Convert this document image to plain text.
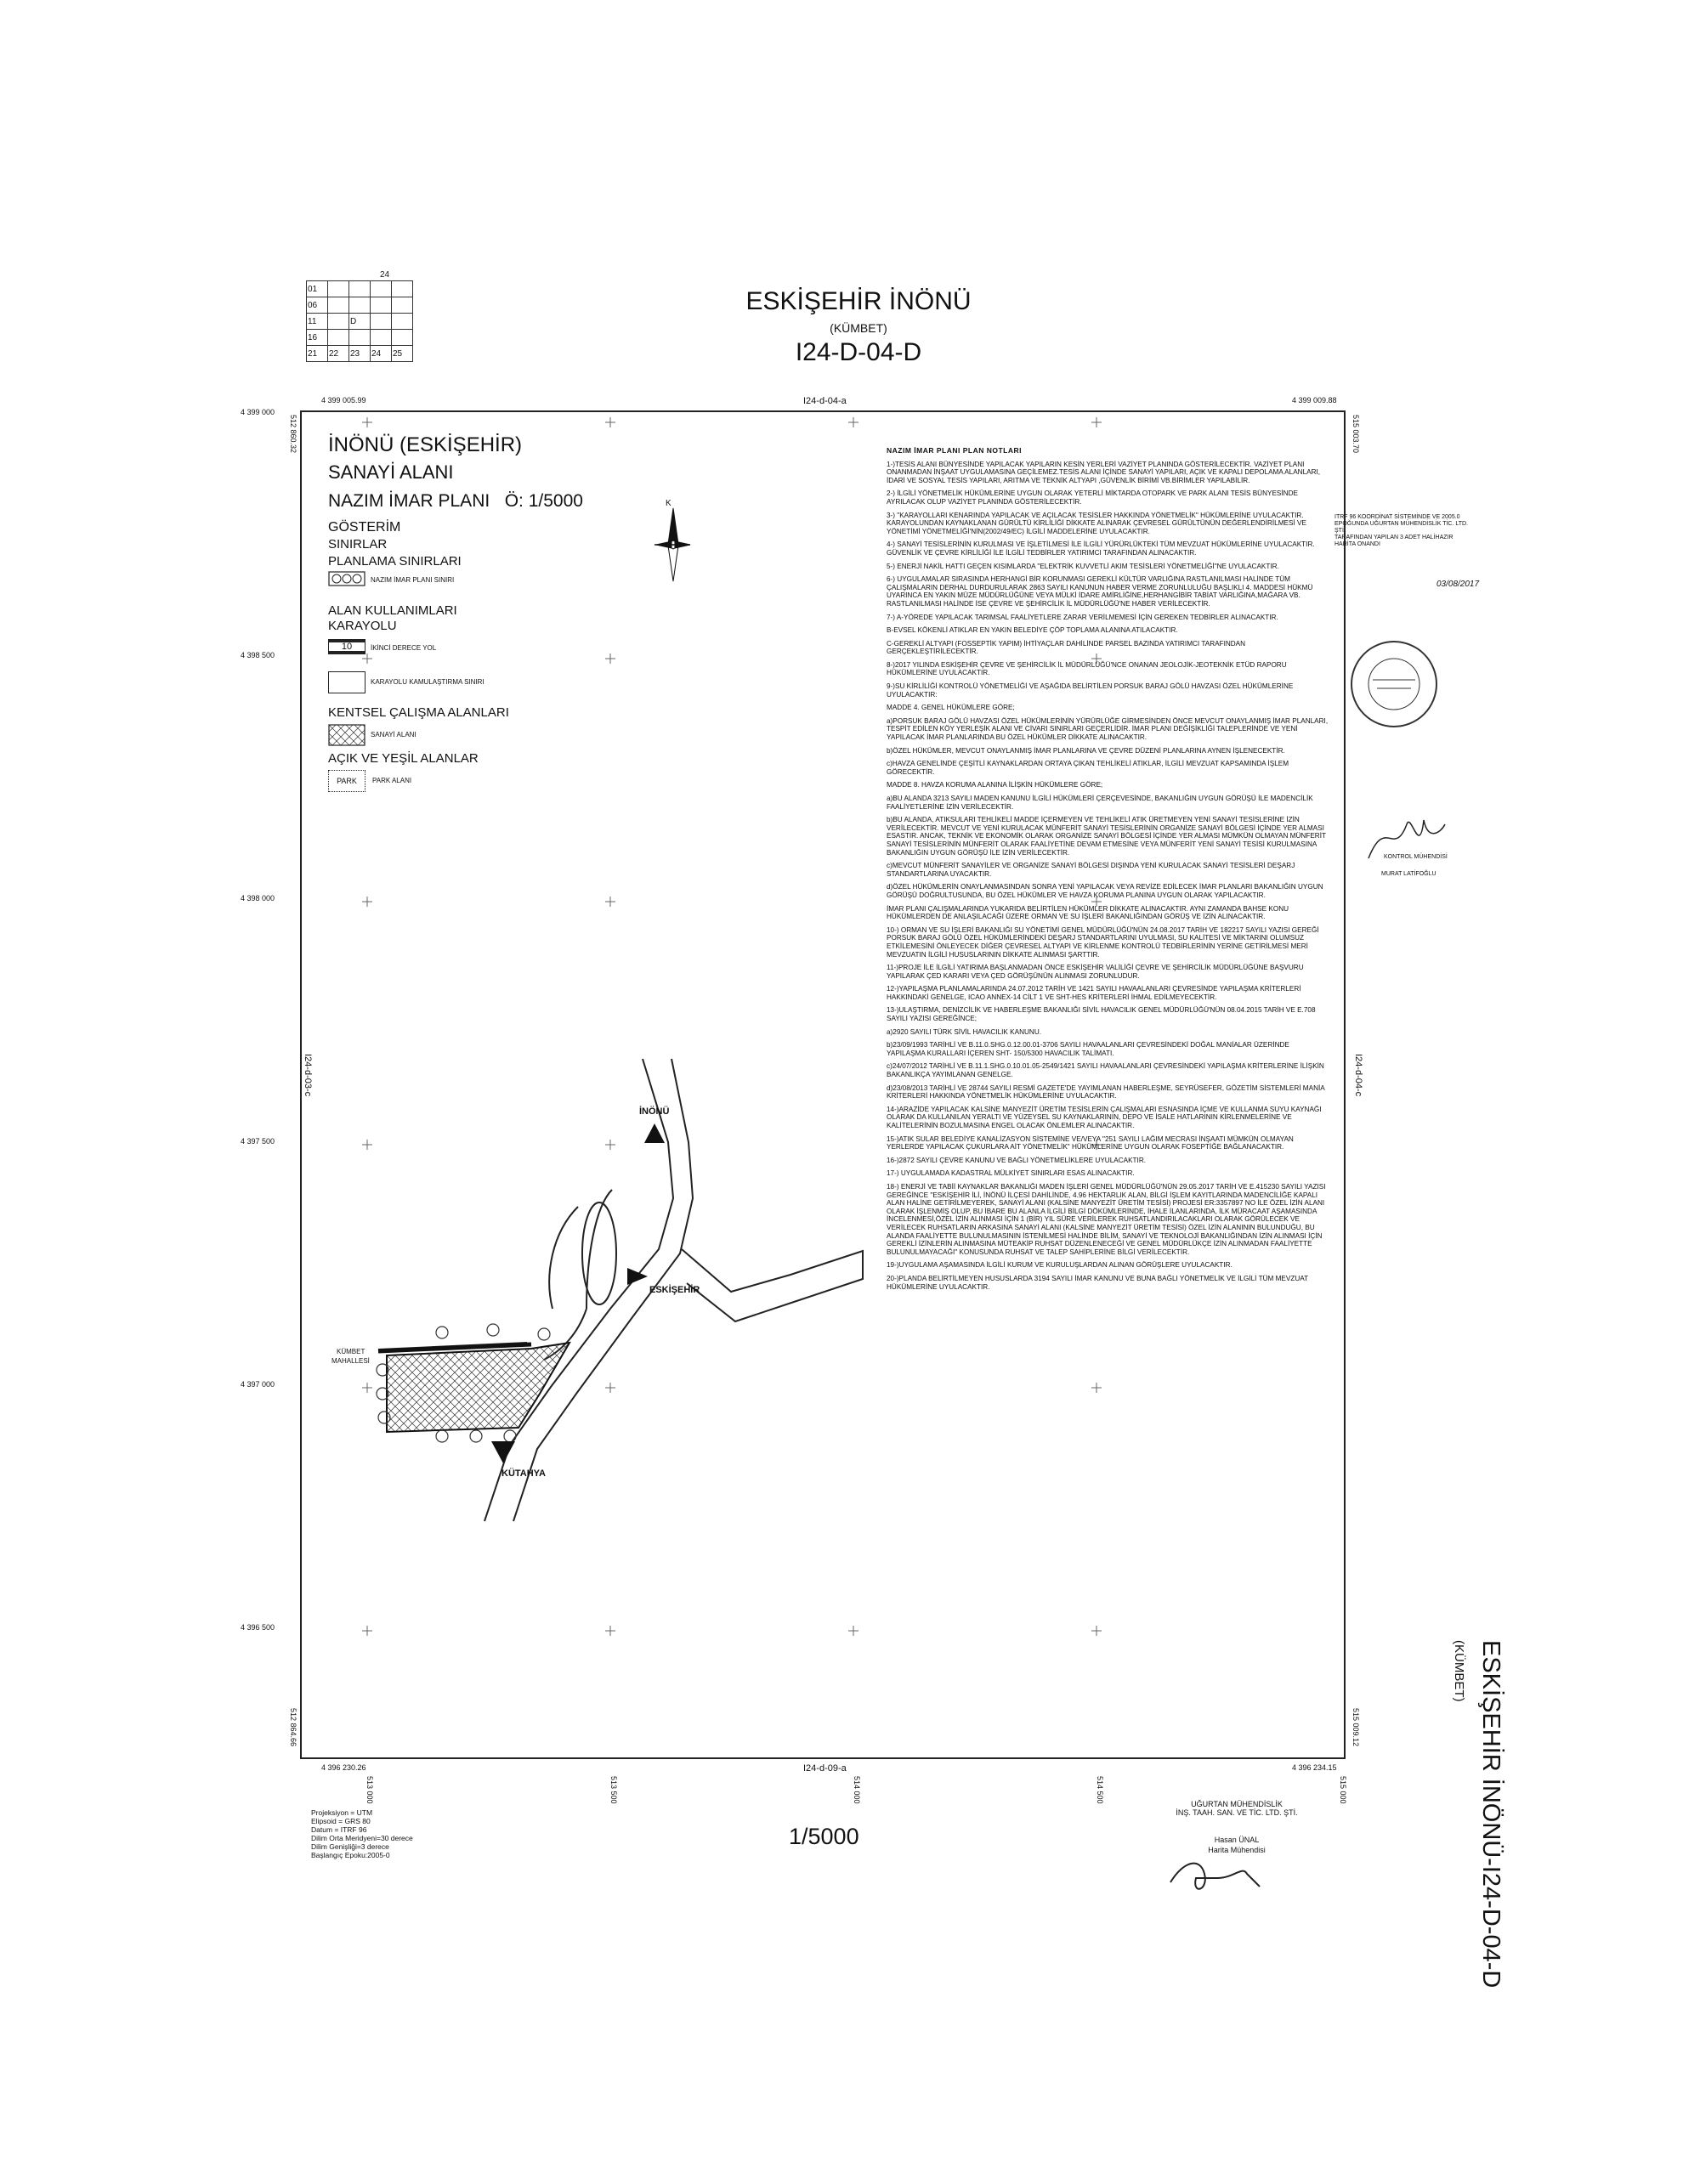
01				
06				
11		D		
16				
21	22	23	24	25
24
ESKİŞEHİR İNÖNÜ
(KÜMBET)
I24-D-04-D
4 399 005.99	I24-d-04-a	4 399 009.88
4 396 230.26	I24-d-09-a	4 396 234.15
I24-d-03-c	I24-d-04-c
512 860.32	515 003.70
512 864.66	515 009.12
4 399 000
4 398 500
4 398 000
4 397 500
4 397 000
4 396 500
513 000	513 500	514 000	514 500	515 000
İNÖNÜ
ESKİŞEHİR
KÜTAHYA
KÜMBET
MAHALLESİ
K
İNÖNÜ (ESKİŞEHİR)
SANAYİ ALANI
NAZIM İMAR PLANI   Ö: 1/5000
GÖSTERİM
SINIRLAR
PLANLAMA SINIRLARI
NAZIM İMAR PLANI SINIRI
ALAN KULLANIMLARI
KARAYOLU
10	İKİNCİ DERECE YOL
KARAYOLU KAMULAŞTIRMA SINIRI
KENTSEL ÇALIŞMA ALANLARI
SANAYİ ALANI
AÇIK VE YEŞİL ALANLAR
PARK	PARK ALANI
NAZIM İMAR PLANI PLAN NOTLARI

1-)TESİS ALANI BÜNYESİNDE YAPILACAK YAPILARIN KESİN YERLERİ VAZİYET PLANINDA GÖSTERİLECEKTİR. VAZİYET PLANI ONANMADAN İNŞAAT UYGULAMASINA GEÇİLEMEZ.TESİS ALANI İÇİNDE SANAYİ YAPILARI, AÇIK VE KAPALI DEPOLAMA ALANLARI, İDARİ VE SOSYAL TESİS YAPILARI, ARITMA VE TEKNİK ALTYAPI ,GÜVENLİK BİRİMİ VB.BİRİMLER YAPILABİLİR.

2-) İLGİLİ YÖNETMELİK HÜKÜMLERİNE UYGUN OLARAK YETERLİ MİKTARDA OTOPARK VE PARK ALANI TESİS BÜNYESİNDE AYRILACAK OLUP VAZİYET PLANINDA GÖSTERİLECEKTİR.

3-) "KARAYOLLARI KENARINDA YAPILACAK VE AÇILACAK TESİSLER HAKKINDA YÖNETMELİK" HÜKÜMLERİNE UYULACAKTIR. KARAYOLUNDAN KAYNAKLANAN GÜRÜLTÜ KİRLİLİĞİ DİKKATE ALINARAK ÇEVRESEL GÜRÜLTÜNÜN DEĞERLENDİRİLMESİ VE YÖNETİMİ YÖNETMELİĞİ'NİN(2002/49/EC) İLGİLİ MADDELERİNE UYULACAKTIR.

4-) SANAYİ TESİSLERİNİN KURULMASI VE İŞLETİLMESİ İLE İLGİLİ YÜRÜRLÜKTEKİ TÜM MEVZUAT HÜKÜMLERİNE UYULACAKTIR. GÜVENLİK VE ÇEVRE KİRLİLİĞİ İLE İLGİLİ TEDBİRLER YATIRIMCI TARAFINDAN ALINACAKTIR.

5-) ENERJİ NAKİL HATTI GEÇEN KISIMLARDA "ELEKTRİK KUVVETLİ AKIM TESİSLERİ YÖNETMELİĞİ"NE UYULACAKTIR.

6-) UYGULAMALAR SIRASINDA HERHANGİ BİR KORUNMASI GEREKLİ KÜLTÜR VARLIĞINA RASTLANILMASI HALİNDE TÜM ÇALIŞMALARIN DERHAL DURDURULARAK 2863 SAYILI KANUNUN HABER VERME ZORUNLULUĞU BAŞLIKLI 4. MADDESİ HÜKMÜ UYARINCA EN YAKIN MÜZE MÜDÜRLÜĞÜNE VEYA MÜLKİ İDARE AMİRLİĞİNE,HERHANGİBİR TABİAT VARLIĞINA,MAĞARA VB. RASTLANILMASI HALİNDE İSE ÇEVRE VE ŞEHİRCİLİK İL MÜDÜRLÜĞÜ'NE HABER VERİLECEKTİR.

7-) A-YÖREDE YAPILACAK TARIMSAL FAALİYETLERE ZARAR VERİLMEMESİ İÇİN GEREKEN TEDBİRLER ALINACAKTIR.

B-EVSEL KÖKENLİ ATIKLAR EN YAKIN BELEDİYE ÇÖP TOPLAMA ALANINA ATILACAKTIR.

C-GEREKLİ ALTYAPI (FOSSEPTİK YAPIM) İHTİYAÇLAR DAHİLİNDE PARSEL BAZINDA YATIRIMCI TARAFINDAN GERÇEKLEŞTİRİLECEKTİR.

8-)2017 YILINDA ESKİŞEHİR ÇEVRE VE ŞEHİRCİLİK İL MÜDÜRLÜĞÜ'NCE ONANAN JEOLOJİK-JEOTEKNİK ETÜD RAPORU HÜKÜMLERİNE UYULACAKTIR.

9-)SU KİRLİLİĞİ KONTROLÜ YÖNETMELİĞİ VE AŞAĞIDA BELİRTİLEN PORSUK BARAJ GÖLÜ HAVZASI ÖZEL HÜKÜMLERİNE UYULACAKTIR:

MADDE 4. GENEL HÜKÜMLERE GÖRE;

a)PORSUK BARAJ GÖLÜ HAVZASI ÖZEL HÜKÜMLERİNİN YÜRÜRLÜĞE GİRMESİNDEN ÖNCE MEVCUT ONAYLANMIŞ İMAR PLANLARI, TESPİT EDİLEN KÖY YERLEŞİK ALANI VE CİVARI SINIRLARI GEÇERLİDİR. İMAR PLANI DEĞİŞİKLİĞİ TALEPLERİNDE VE YENİ YAPILACAK İMAR PLANLARINDA BU ÖZEL HÜKÜMLER DİKKATE ALINACAKTIR.

b)ÖZEL HÜKÜMLER, MEVCUT ONAYLANMIŞ İMAR PLANLARINA VE ÇEVRE DÜZENİ PLANLARINA AYNEN İŞLENECEKTİR.

c)HAVZA GENELİNDE ÇEŞİTLİ KAYNAKLARDAN ORTAYA ÇIKAN TEHLİKELİ ATIKLAR, İLGİLİ MEVZUAT KAPSAMINDA İŞLEM GÖRECEKTİR.

MADDE 8. HAVZA KORUMA ALANINA İLİŞKİN HÜKÜMLERE GÖRE;

a)BU ALANDA 3213 SAYILI MADEN KANUNU İLGİLİ HÜKÜMLERİ ÇERÇEVESİNDE, BAKANLIĞIN UYGUN GÖRÜŞÜ İLE MADENCİLİK FAALİYETLERİNE İZİN VERİLECEKTİR.

b)BU ALANDA, ATIKSULARI TEHLİKELİ MADDE İÇERMEYEN VE TEHLİKELİ ATIK ÜRETMEYEN YENİ SANAYİ TESİSLERİNE İZİN VERİLECEKTİR. MEVCUT VE YENİ KURULACAK MÜNFERİT SANAYİ TESİSLERİNİN ORGANİZE SANAYİ BÖLGESİ İÇİNDE YER ALMASI ESASTIR. ANCAK, TEKNİK VE EKONOMİK OLARAK ORGANİZE SANAYİ BÖLGESİ İÇİNDE YER ALMASI MÜMKÜN OLMAYAN MÜNFERİT SANAYİ TESİSLERİNİN MÜNFERİT OLARAK FAALİYETİNE DEVAM ETMESİNE VEYA MÜNFERİT YENİ SANAYİ TESİSİ KURULMASINA BAKANLIĞIN UYGUN GÖRÜŞÜ İLE İZİN VERİLECEKTİR.

c)MEVCUT MÜNFERİT SANAYİLER VE ORGANİZE SANAYİ BÖLGESİ DIŞINDA YENİ KURULACAK SANAYİ TESİSLERİ DEŞARJ STANDARTLARINA UYACAKTIR.

d)ÖZEL HÜKÜMLERİN ONAYLANMASINDAN SONRA YENİ YAPILACAK VEYA REVİZE EDİLECEK İMAR PLANLARI BAKANLIĞIN UYGUN GÖRÜŞÜ DOĞRULTUSUNDA, BU ÖZEL HÜKÜMLER VE HAVZA KORUMA PLANINA UYGUN OLARAK YAPILACAKTIR.

İMAR PLANI ÇALIŞMALARINDA YUKARIDA BELİRTİLEN HÜKÜMLER DİKKATE ALINACAKTIR. AYNI ZAMANDA BAHSE KONU HÜKÜMLERDEN DE ANLAŞILACAĞI ÜZERE ORMAN VE SU İŞLERİ BAKANLIĞINDAN GÖRÜŞ VE İZİN ALINACAKTIR.

10-) ORMAN VE SU İŞLERİ BAKANLIĞI SU YÖNETİMİ GENEL MÜDÜRLÜĞÜ'NÜN 24.08.2017 TARİH VE 182217 SAYILI YAZISI GEREĞİ PORSUK BARAJ GÖLÜ ÖZEL HÜKÜMLERİNDEKİ DEŞARJ STANDARTLARINI UYULMASI, SU KALİTESİ VE MİKTARINI OLUMSUZ ETKİLEMESİNİ ÖNLEYECEK DİĞER ÇEVRESEL ALTYAPI VE KİRLENME KONTROLÜ TEDBİRLERİNİN YERİNE GETİRİLMESİ MERİ MEVZUATIN İLGİLİ HUSUSLARININ DİKKATE ALINMASI ŞARTTIR.

11-)PROJE İLE İLGİLİ YATIRIMA BAŞLANMADAN ÖNCE ESKİŞEHİR VALİLİĞİ ÇEVRE VE ŞEHİRCİLİK MÜDÜRLÜĞÜNE BAŞVURU YAPILARAK ÇED KARARI VEYA ÇED GÖRÜŞÜNÜN ALINMASI ZORUNLUDUR.

12-)YAPILAŞMA PLANLAMALARINDA 24.07.2012 TARİH VE 1421 SAYILI HAVAALANLARI ÇEVRESİNDE YAPILAŞMA KRİTERLERİ HAKKINDAKİ GENELGE, ICAO ANNEX-14 CİLT 1 VE SHT-HES KRİTERLERİ İHMAL EDİLMEYECEKTİR.

13-)ULAŞTIRMA, DENİZCİLİK VE HABERLEŞME BAKANLIĞI SİVİL HAVACILIK GENEL MÜDÜRLÜĞÜ'NÜN 08.04.2015 TARİH VE E.708 SAYILI YAZISI GEREĞİNCE;

a)2920 SAYILI TÜRK SİVİL HAVACILIK KANUNU.

b)23/09/1993 TARİHLİ VE B.11.0.SHG.0.12.00.01-3706 SAYILI HAVAALANLARI ÇEVRESİNDEKİ DOĞAL MANİALAR ÜZERİNDE YAPILAŞMA KURALLARI İÇEREN SHT- 150/5300 HAVACILIK TALİMATI.

c)24/07/2012 TARİHLİ VE B.11.1.SHG.0.10.01.05-2549/1421 SAYILI HAVAALANLARI ÇEVRESİNDEKİ YAPILAŞMA KRİTERLERİNE İLİŞKİN BAKANLIKÇA YAYIMLANAN GENELGE.

d)23/08/2013 TARİHLİ VE 28744 SAYILI RESMİ GAZETE'DE YAYIMLANAN HABERLEŞME, SEYRÜSEFER, GÖZETİM SİSTEMLERİ MANİA KRİTERLERİ HAKKINDA YÖNETMELİK HÜKÜMLERİNE UYULACAKTIR.

14-)ARAZİDE YAPILACAK KALSİNE MANYEZİT ÜRETİM TESİSLERİN ÇALIŞMALARI ESNASINDA İÇME VE KULLANMA SUYU KAYNAĞI OLARAK DA KULLANILAN YERALTI VE YÜZEYSEL SU KAYNAKLARININ, DEPO VE İSALE HATLARININ KİRLENMELERİNE VE KALİTELERİNİN BOZULMASINA ENGEL OLACAK ÖNLEMLER ALINACAKTIR.

15-)ATIK SULAR BELEDİYE KANALİZASYON SİSTEMİNE VE/VEYA "251 SAYILI LAĞIM MECRASI İNŞAATI MÜMKÜN OLMAYAN YERLERDE YAPILACAK ÇUKURLARA AİT YÖNETMELİK" HÜKÜMLERİNE UYGUN OLARAK FOSEPTİĞE BAĞLANACAKTIR.

16-)2872 SAYILI ÇEVRE KANUNU VE BAĞLI YÖNETMELİKLERE UYULACAKTIR.

17-) UYGULAMADA KADASTRAL MÜLKİYET SINIRLARI ESAS ALINACAKTIR.

18-) ENERJİ VE TABİİ KAYNAKLAR BAKANLIĞI MADEN İŞLERİ GENEL MÜDÜRLÜĞÜ'NÜN 29.05.2017 TARİH VE E.415230 SAYILI YAZISI GEREĞİNCE "ESKİŞEHİR İLİ, İNÖNÜ İLÇESİ DAHİLİNDE, 4.96 HEKTARLIK ALAN, BİLGİ İŞLEM KAYITLARINDA MADENCİLİĞE KAPALI ALAN HALİNE GETİRİLMEYEREK, SANAYİ ALANI (KALSİNE MANYEZİT ÜRETİM TESİSİ) PROJESİ ER:3357897 NO İLE ÖZEL İZİN ALANI OLARAK İŞLENMİŞ OLUP, BU İBARE BU ALANLA İLGİLİ BİLGİ DÖKÜMLERİNDE, İHALE İLANLARINDA, İLK MÜRACAAT AŞAMASINDA İNCELENMESİ,ÖZEL İZİN ALINMASI İÇİN 1 (BİR) YIL SÜRE VERİLEREK RUHSATLANDIRILACAKLARI OLARAK GÖRÜLECEK VE VERİLECEK RUHSATLARIN ARKASINA SANAYİ ALANI (KALSİNE MANYEZİT ÜRETİM TESİSİ) ÖZEL İZİN ALANININ BULUNDUĞU, BU ALANDA FAALİYETTE BULUNULMASININ İSTENİLMESİ HALİNDE BİLİM, SANAYİ VE TEKNOLOJİ BAKANLIĞINDAN İZİN ALINMASI İÇİN GEREKLİ İZİNLERİN ALINMASINA MÜTEAKİP RUHSAT DÜZENLENECEĞİ VE GENEL MÜDÜRLÜKÇE İZİN ALINMADAN FAALİYETTE BULUNULMAYACAĞI" KONUSUNDA RUHSAT VE TALEP SAHİPLERİNE BİLGİ VERİLECEKTİR.

19-)UYGULAMA AŞAMASINDA İLGİLİ KURUM VE KURULUŞLARDAN ALINAN GÖRÜŞLERE UYULACAKTIR.

20-)PLANDA BELİRTİLMEYEN HUSUSLARDA 3194 SAYILI İMAR KANUNU VE BUNA BAĞLI YÖNETMELİK VE İLGİLİ TÜM MEVZUAT HÜKÜMLERİNE UYULACAKTIR.

ITRF 96 KOORDİNAT SİSTEMİNDE VE 2005.0
EPOĞUNDA UĞURTAN MÜHENDİSLİK TİC. LTD. ŞTİ.
TARAFINDAN YAPILAN 3 ADET HALİHAZIR
HARİTA ONANDI
03/08/2017
KONTROL MÜHENDİSİ
MURAT LATİFOĞLU
Projeksiyon = UTM
Elipsoid = GRS 80
Datum = ITRF 96
Dilim Orta Meridyeni=30 derece
Dilim Genişliği=3 derece
Başlangıç Epoku:2005-0
1/5000
UĞURTAN MÜHENDİSLİK
İNŞ. TAAH. SAN. VE TİC. LTD. ŞTİ.
Hasan ÜNAL
Harita Mühendisi	ESKİŞEHİR İNÖNÜ-I24-D-04-D
(KÜMBET)
